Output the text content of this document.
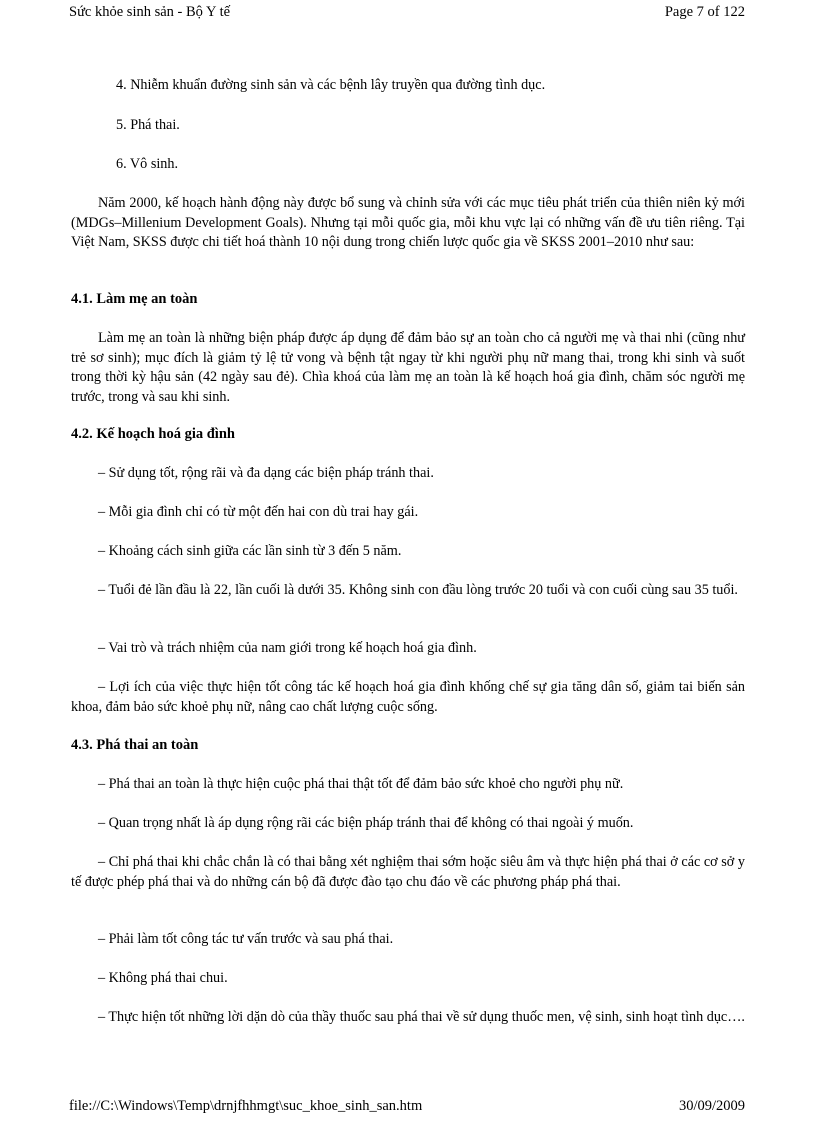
Sức khỏe sinh sản - Bộ Y tế	Page 7 of 122

4. Nhiễm khuẩn đường sinh sản và các bệnh lây truyền qua đường tình dục.

5. Phá thai.

6. Vô sinh.

Năm 2000, kế hoạch hành động này được bổ sung và chỉnh sửa với các mục tiêu phát triển của thiên niên kỷ mới (MDGs–Millenium Development Goals). Nhưng tại mỗi quốc gia, mỗi khu vực lại có những vấn đề ưu tiên riêng. Tại Việt Nam, SKSS được chi tiết hoá thành 10 nội dung trong chiến lược quốc gia về SKSS 2001–2010 như sau:

4.1. Làm mẹ an toàn

Làm mẹ an toàn là những biện pháp được áp dụng để đảm bảo sự an toàn cho cả người mẹ và thai nhi (cũng như trẻ sơ sinh); mục đích là giảm tỷ lệ tử vong và bệnh tật ngay từ khi người phụ nữ mang thai, trong khi sinh và suốt trong thời kỳ hậu sản (42 ngày sau đẻ). Chìa khoá của làm mẹ an toàn là kế hoạch hoá gia đình, chăm sóc người mẹ trước, trong và sau khi sinh.

4.2. Kế hoạch hoá gia đình

– Sử dụng tốt, rộng rãi và đa dạng các biện pháp tránh thai.

– Mỗi gia đình chỉ có từ một đến hai con dù trai hay gái.

– Khoảng cách sinh giữa các lần sinh từ 3 đến 5 năm.

– Tuổi đẻ lần đầu là 22, lần cuối là dưới 35. Không sinh con đầu lòng trước 20 tuổi và con cuối cùng sau 35 tuổi.

– Vai trò và trách nhiệm của nam giới trong kế hoạch hoá gia đình.

– Lợi ích của việc thực hiện tốt công tác kế hoạch hoá gia đình khống chế sự gia tăng dân số, giảm tai biến sản khoa, đảm bảo sức khoẻ phụ nữ, nâng cao chất lượng cuộc sống.

4.3. Phá thai an toàn

– Phá thai an toàn là thực hiện cuộc phá thai thật tốt để đảm bảo sức khoẻ cho người phụ nữ.

– Quan trọng nhất là áp dụng rộng rãi các biện pháp tránh thai để không có thai ngoài ý muốn.

– Chỉ phá thai khi chắc chắn là có thai bằng xét nghiệm thai sớm hoặc siêu âm và thực hiện phá thai ở các cơ sở y tế được phép phá thai và do những cán bộ đã được đào tạo chu đáo về các phương pháp phá thai.

– Phải làm tốt công tác tư vấn trước và sau phá thai.

– Không phá thai chui.

– Thực hiện tốt những lời dặn dò của thầy thuốc sau phá thai về sử dụng thuốc men, vệ sinh, sinh hoạt tình dục….

file://C:\Windows\Temp\drnjfhhmgt\suc_khoe_sinh_san.htm	30/09/2009
